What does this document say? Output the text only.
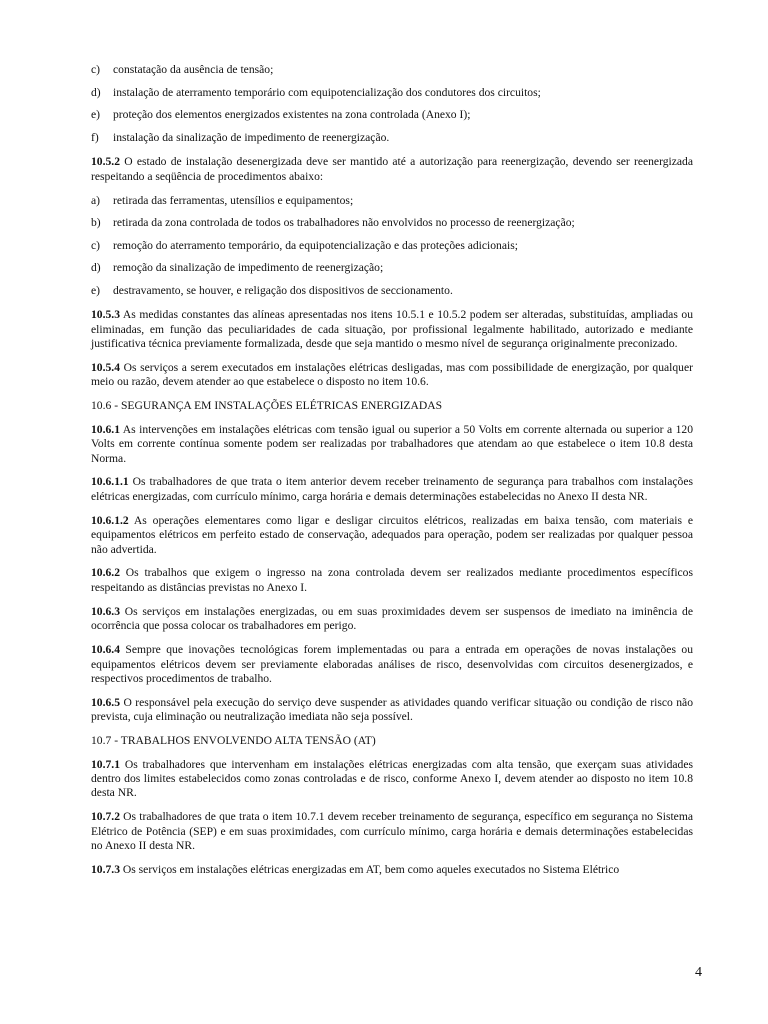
c)	constatação da ausência de tensão;
d)	instalação de aterramento temporário com equipotencialização dos condutores dos circuitos;
e)	proteção dos elementos energizados existentes na zona controlada (Anexo I);
f)	instalação da sinalização de impedimento de reenergização.

10.5.2 O estado de instalação desenergizada deve ser mantido até a autorização para reenergização, devendo ser reenergizada respeitando a seqüência de procedimentos abaixo:

a)	retirada das ferramentas, utensílios e equipamentos;
b)	retirada da zona controlada de todos os trabalhadores não envolvidos no processo de reenergização;
c)	remoção do aterramento temporário, da equipotencialização e das proteções adicionais;
d)	remoção da sinalização de impedimento de reenergização;
e)	destravamento, se houver, e religação dos dispositivos de seccionamento.

10.5.3 As medidas constantes das alíneas apresentadas nos itens 10.5.1 e 10.5.2 podem ser alteradas, substituídas, ampliadas ou eliminadas, em função das peculiaridades de cada situação, por profissional legalmente habilitado, autorizado e mediante justificativa técnica previamente formalizada, desde que seja mantido o mesmo nível de segurança originalmente preconizado.

10.5.4 Os serviços a serem executados em instalações elétricas desligadas, mas com possibilidade de energização, por qualquer meio ou razão, devem atender ao que estabelece o disposto no item 10.6.

10.6 - SEGURANÇA EM INSTALAÇÕES ELÉTRICAS ENERGIZADAS

10.6.1 As intervenções em instalações elétricas com tensão igual ou superior a 50 Volts em corrente alternada ou superior a 120 Volts em corrente contínua somente podem ser realizadas por trabalhadores que atendam ao que estabelece o item 10.8 desta Norma.

10.6.1.1 Os trabalhadores de que trata o item anterior devem receber treinamento de segurança para trabalhos com instalações elétricas energizadas, com currículo mínimo, carga horária e demais determinações estabelecidas no Anexo II desta NR.

10.6.1.2 As operações elementares como ligar e desligar circuitos elétricos, realizadas em baixa tensão, com materiais e equipamentos elétricos em perfeito estado de conservação, adequados para operação, podem ser realizadas por qualquer pessoa não advertida.

10.6.2 Os trabalhos que exigem o ingresso na zona controlada devem ser realizados mediante procedimentos específicos respeitando as distâncias previstas no Anexo I.

10.6.3 Os serviços em instalações energizadas, ou em suas proximidades devem ser suspensos de imediato na iminência de ocorrência que possa colocar os trabalhadores em perigo.

10.6.4 Sempre que inovações tecnológicas forem implementadas ou para a entrada em operações de novas instalações ou equipamentos elétricos devem ser previamente elaboradas análises de risco, desenvolvidas com circuitos desenergizados, e respectivos procedimentos de trabalho.

10.6.5 O responsável pela execução do serviço deve suspender as atividades quando verificar situação ou condição de risco não prevista, cuja eliminação ou neutralização imediata não seja possível.

10.7 - TRABALHOS ENVOLVENDO ALTA TENSÃO (AT)

10.7.1 Os trabalhadores que intervenham em instalações elétricas energizadas com alta tensão, que exerçam suas atividades dentro dos limites estabelecidos como zonas controladas e de risco, conforme Anexo I, devem atender ao disposto no item 10.8 desta NR.

10.7.2 Os trabalhadores de que trata o item 10.7.1 devem receber treinamento de segurança, específico em segurança no Sistema Elétrico de Potência (SEP) e em suas proximidades, com currículo mínimo, carga horária e demais determinações estabelecidas no Anexo II desta NR.

10.7.3 Os serviços em instalações elétricas energizadas em AT, bem como aqueles executados no Sistema Elétrico

4
